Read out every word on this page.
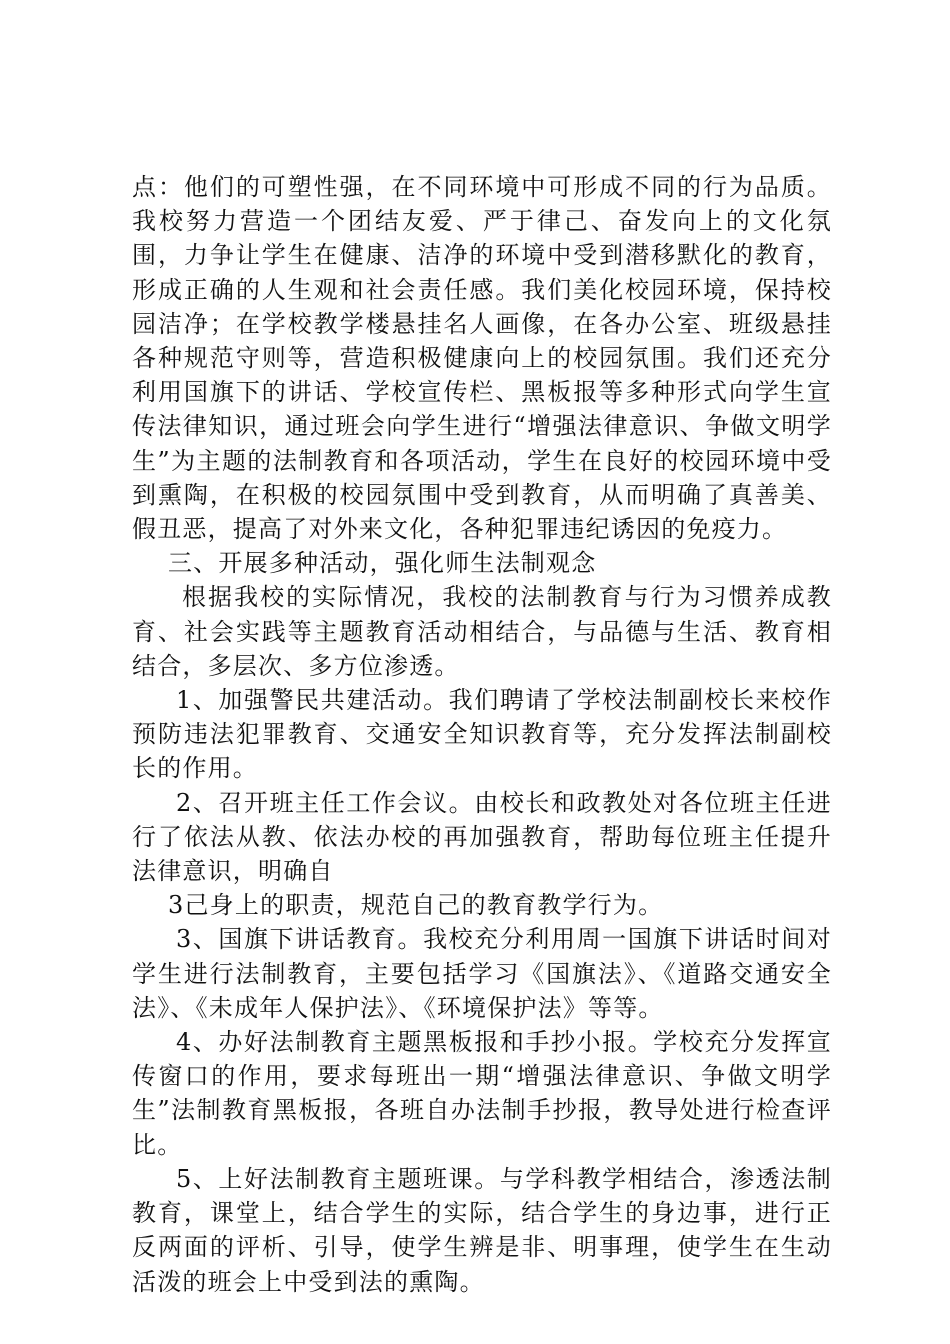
点：他们的可塑性强，在不同环境中可形成不同的行为品质。我校努力营造一个团结友爱、严于律己、奋发向上的文化氛围，力争让学生在健康、洁净的环境中受到潜移默化的教育，形成正确的人生观和社会责任感。我们美化校园环境，保持校园洁净；在学校教学楼悬挂名人画像，在各办公室、班级悬挂各种规范守则等，营造积极健康向上的校园氛围。我们还充分利用国旗下的讲话、学校宣传栏、黑板报等多种形式向学生宣传法律知识，通过班会向学生进行“增强法律意识、争做文明学生”为主题的法制教育和各项活动，学生在良好的校园环境中受到熏陶，在积极的校园氛围中受到教育，从而明确了真善美、假丑恶，提高了对外来文化，各种犯罪违纪诱因的免疫力。

三、开展多种活动，强化师生法制观念

根据我校的实际情况，我校的法制教育与行为习惯养成教育、社会实践等主题教育活动相结合，与品德与生活、教育相结合，多层次、多方位渗透。

1、加强警民共建活动。我们聘请了学校法制副校长来校作预防违法犯罪教育、交通安全知识教育等，充分发挥法制副校长的作用。

2、召开班主任工作会议。由校长和政教处对各位班主任进行了依法从教、依法办校的再加强教育，帮助每位班主任提升法律意识，明确自

3己身上的职责，规范自己的教育教学行为。

3、国旗下讲话教育。我校充分利用周一国旗下讲话时间对学生进行法制教育，主要包括学习《国旗法》、《道路交通安全法》、《未成年人保护法》、《环境保护法》等等。

4、办好法制教育主题黑板报和手抄小报。学校充分发挥宣传窗口的作用，要求每班出一期“增强法律意识、争做文明学生”法制教育黑板报，各班自办法制手抄报，教导处进行检查评比。

5、上好法制教育主题班课。与学科教学相结合，渗透法制教育，课堂上，结合学生的实际，结合学生的身边事，进行正反两面的评析、引导，使学生辨是非、明事理，使学生在生动活泼的班会上中受到法的熏陶。
